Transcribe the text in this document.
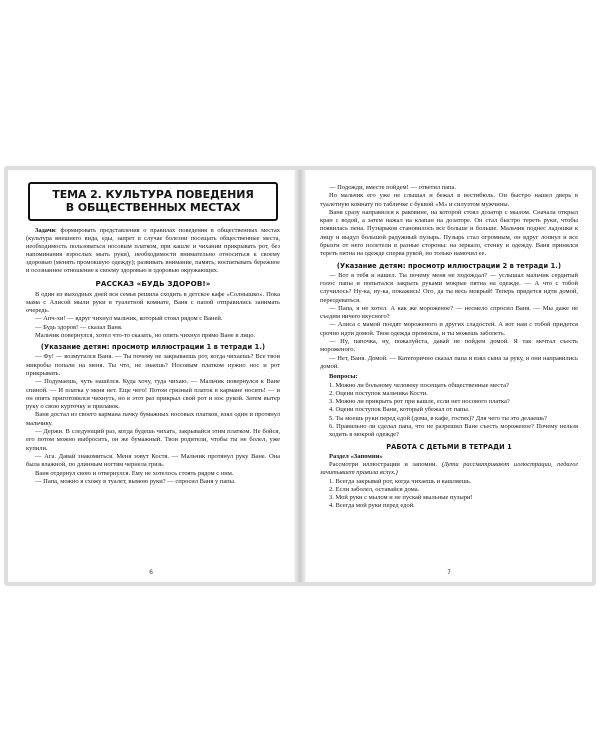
ТЕМА 2. КУЛЬТУРА ПОВЕДЕНИЯ
В ОБЩЕСТВЕННЫХ МЕСТАХ

Задачи: формировать представления о правилах поведения в общественных местах (культура внешнего вида, еды, запрет в случае болезни посещать общественные места, необходимость пользоваться носовым платком, при кашле и чихании прикрывать рот, без напоминания взрослых мыть руки), необходимости внимательно относиться к своему здоровью (менять промокшую одежду); развивать внимание, память; воспитывать бережное и осознанное отношение к своему здоровью и здоровью окружающих.

РАССКАЗ «БУДЬ ЗДОРОВ!»

В один из выходных дней вся семья решила сходить в детское кафе «Солнышко». Пока мама с Алисой мыли руки в туалетной комнате, Ваня с папой отправились занимать очередь.

— Апч-хи! — вдруг чихнул мальчик, который стоял рядом с Ваней.

— Будь здоров! — сказал Ваня.

Мальчик повернулся, хотел что-то сказать, но опять чихнул прямо Ване в лицо.

(Указание детям: просмотр иллюстрации 1 в тетради 1.)

— Фу! — возмутился Ваня. — Ты почему не закрываешь рот, когда чихаешь? Все твои микробы попали на меня. Ты что, не знаешь? Носовым платком нужно нос и рот прикрывать.

— Подумаешь, чуть нашёлся. Куда хочу, туда чихаю. — Мальчик повернулся к Ване спиной. — И платка у меня нет. Еще чего! Потом грязный платок в кармане носить! — и он опять приготовился чихнуть, но в этот раз прикрыл свой рот и нос рукой. Затем вытер руку о свою курточку и прилавок.

Ваня достал из своего кармана пачку бумажных носовых платков, взял один и протянул мальчику.

— Держи. В следующий раз, когда будешь чихать, закрывайся этим платком. Не бойся, его потом можно выбросить, он же бумажный. Твои родители, чтобы ты не болел, уже купили.

— Ага. Давай знакомиться. Меня зовут Костя. — Мальчик протянул руку Ване. Она была влажной, по длинным ногтям чернела грязь.

Ваня отдернул свою и отвернулся. Ему не хотелось стоять рядом с ним.

— Папа, можно я схожу в туалет, вымою руки? — спросил Ваня у папы.

6

— Подожди, вместе пойдем! — ответил папа.

Но мальчик его уже не слышал и бежал в вестибюль. Он быстро нашел дверь в туалетную комнату по табличке с буквой «М» и силуэтом мужчины.

Ваня сразу направился к раковине, на которой стоял дозатор с мылом. Сначала открыл кран с водой, а затем нажал на клапан на дозаторе. Он стал быстро тереть руки, чтобы появилась пена. Пузырьков становилось все больше и больше. Мальчик поднес ладошки к лицу и выдул большой радужный пузырь. Пузырь стал огромным, он вдруг лопнул и все брызги от него полетели в разные стороны: на зеркало, стенку и одежду. Ваня принялся тереть пятна на одежде сперва рукой, но только намочил ее.

(Указание детям: просмотр иллюстрации 2 в тетради 1.)

— Вот я тебя и нашел. Ты почему меня не подождал? — услышал мальчик сердитый голос папы и попытался закрыть руками мокрые пятна на одежде. — А что с тобой случилось? Ну-ка, ну-ка, покажись! Ого, да ты весь мокрый! Теперь придется идти домой, переодеваться.

— Папа, я не хотел. А как же мороженое? — несмело спросил Ваня. — Мы даже не съедим ничего вкусного?

— Алиса с мамой поедят мороженого и других сладостей. А вот нам с тобой придется срочно идти домой. Твоя одежда промокла, и ты можешь заболеть.

— Ну, папочка, ну, пожалуйста, давай не пойдем домой. Я так мечтал съесть мороженого.

— Нет, Ваня. Домой. — Категорично сказал папа и взял сына за руку, и они направились домой.

Вопросы:

1. Можно ли больному человеку посещать общественные места?

2. Оцени поступок мальчика Кости.

3. Можно ли прикрыть рот при кашле, если нет носового платка?

4. Оцени поступок Вани, который убежал от папы.

5. Ты моешь руки перед едой (дома, в кафе, гостях)? Для чего ты это делаешь?

6. Правильно ли сделал папа, что не разрешил Ване съесть мороженое? Почему нельзя ходить в мокрой одежде?

РАБОТА С ДЕТЬМИ В ТЕТРАДИ 1

Раздел «Запомни»

Рассмотри иллюстрации и запомни. (Дети рассматривают иллюстрации, педагог зачитывает правила вслух.)

1. Всегда закрывай рот, когда чихаешь и кашляешь.

2. Если заболел, оставайся дома.

3. Мой руки с мылом и не пускай мыльные пузыри!

4. Всегда мой руки перед едой.

7
